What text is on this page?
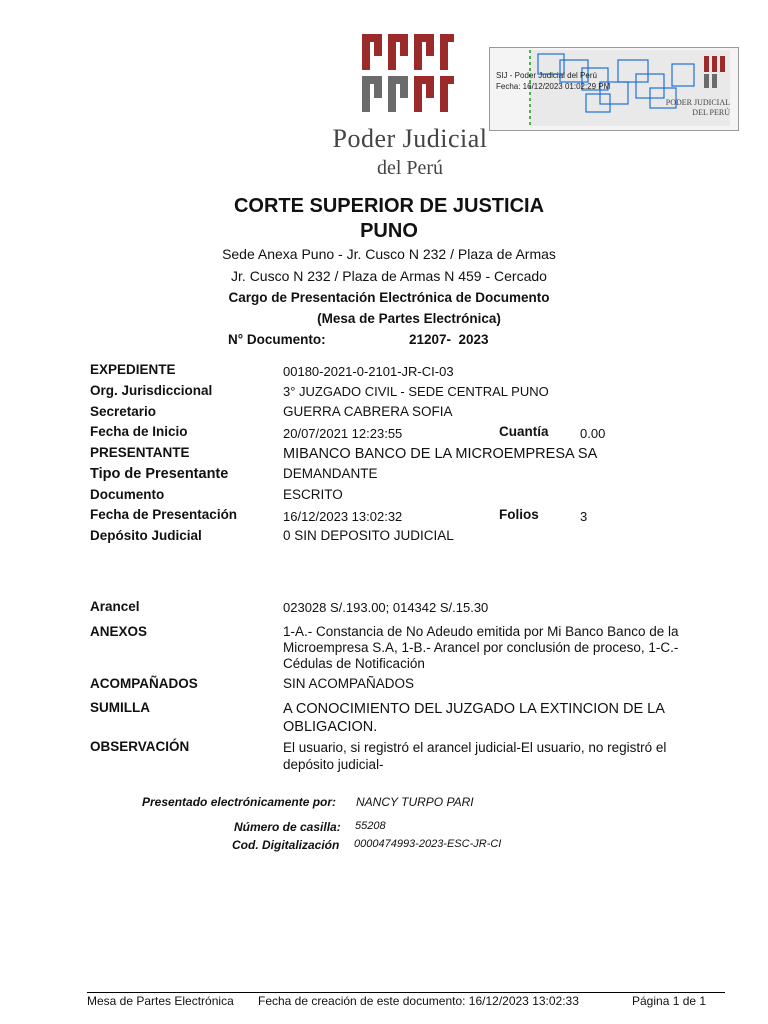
Poder Judicial
del Perú
SIJ - Poder Judicial del Perú
Fecha: 16/12/2023 01:02:29 PM
PODER JUDICIAL
DEL PERÚ
CORTE SUPERIOR DE JUSTICIA
PUNO
Sede Anexa Puno - Jr. Cusco N 232 / Plaza de Armas
Jr. Cusco N 232 / Plaza de Armas N 459 - Cercado
Cargo de Presentación Electrónica de Documento
(Mesa de Partes Electrónica)
N° Documento:	21207-  2023
EXPEDIENTE	00180-2021-0-2101-JR-CI-03
Org. Jurisdiccional	3° JUZGADO CIVIL - SEDE CENTRAL PUNO
Secretario	GUERRA CABRERA SOFIA
Fecha de Inicio	20/07/2021 12:23:55	Cuantía 0.00
PRESENTANTE	MIBANCO BANCO DE LA MICROEMPRESA SA
Tipo de Presentante	DEMANDANTE
Documento	ESCRITO
Fecha de Presentación	16/12/2023 13:02:32	Folios	3
Depósito Judicial	0 SIN DEPOSITO JUDICIAL
Arancel	023028 S/.193.00; 014342 S/.15.30
ANEXOS	1-A.- Constancia de No Adeudo emitida por Mi Banco Banco de la Microempresa S.A, 1-B.- Arancel por conclusión de proceso, 1-C.- Cédulas de Notificación
ACOMPAÑADOS	SIN ACOMPAÑADOS
SUMILLA	A CONOCIMIENTO DEL JUZGADO LA EXTINCION DE LA OBLIGACION.
OBSERVACIÓN	El usuario, si registró el arancel judicial-El usuario, no registró el depósito judicial-
Presentado electrónicamente por: NANCY TURPO PARI
Número de casilla: 55208
Cod. Digitalización 0000474993-2023-ESC-JR-CI
Mesa de Partes Electrónica Fecha de creación de este documento: 16/12/2023 13:02:33	Página 1 de 1
